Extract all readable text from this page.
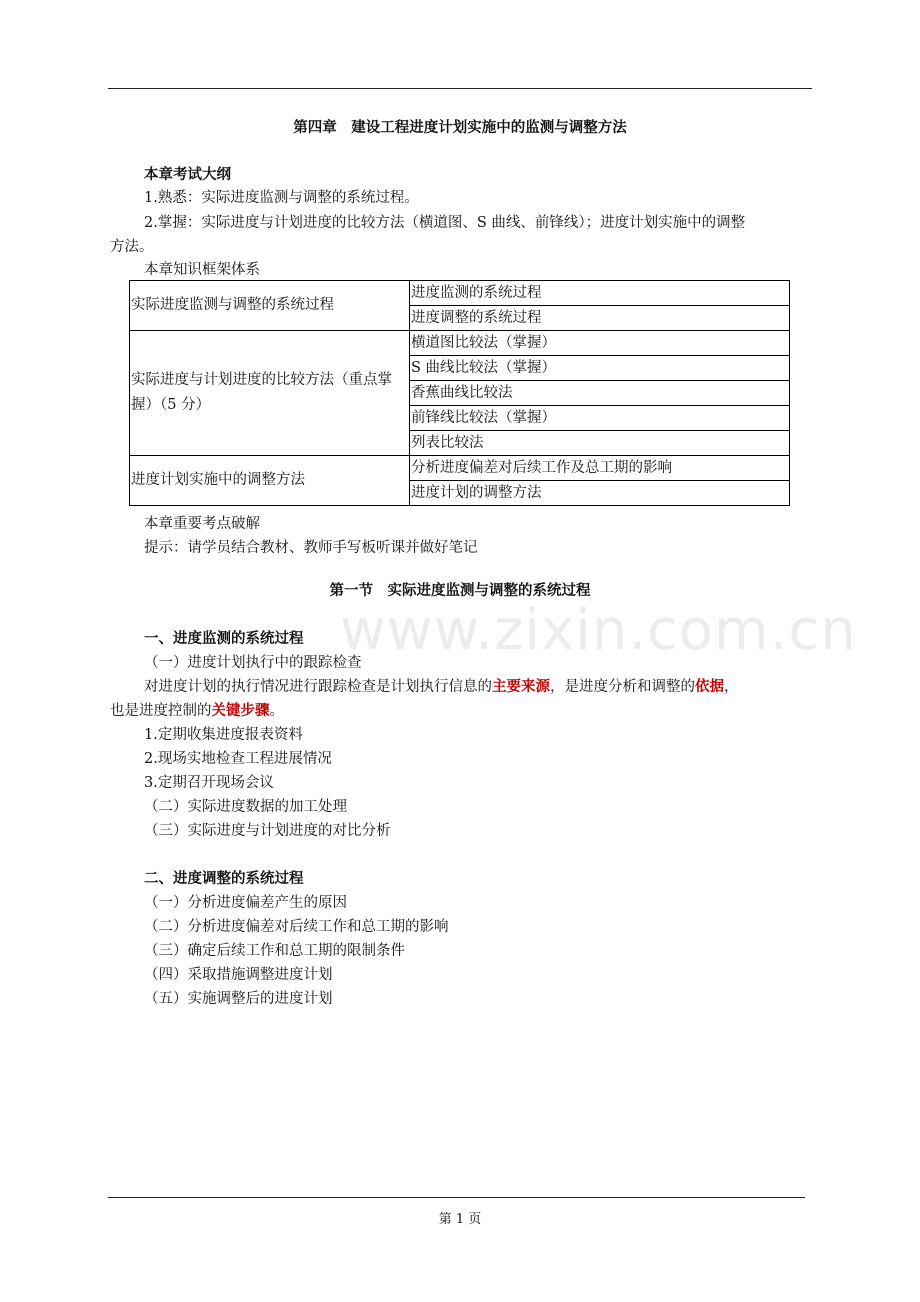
第四章　建设工程进度计划实施中的监测与调整方法
本章考试大纲
1.熟悉：实际进度监测与调整的系统过程。
2.掌握：实际进度与计划进度的比较方法（横道图、S 曲线、前锋线）；进度计划实施中的调整
方法。
本章知识框架体系
实际进度监测与调整的系统过程	进度监测的系统过程
	进度调整的系统过程
实际进度与计划进度的比较方法（重点掌握）（5 分）	横道图比较法（掌握）
	S 曲线比较法（掌握）
	香蕉曲线比较法
	前锋线比较法（掌握）
	列表比较法
进度计划实施中的调整方法	分析进度偏差对后续工作及总工期的影响
	进度计划的调整方法
本章重要考点破解
提示：请学员结合教材、教师手写板听课并做好笔记
第一节　实际进度监测与调整的系统过程
www.zixin.com.cn
一、进度监测的系统过程
（一）进度计划执行中的跟踪检查
对进度计划的执行情况进行跟踪检查是计划执行信息的主要来源，是进度分析和调整的依据，
也是进度控制的关键步骤。
1.定期收集进度报表资料
2.现场实地检查工程进展情况
3.定期召开现场会议
（二）实际进度数据的加工处理
（三）实际进度与计划进度的对比分析
二、进度调整的系统过程
（一）分析进度偏差产生的原因
（二）分析进度偏差对后续工作和总工期的影响
（三）确定后续工作和总工期的限制条件
（四）采取措施调整进度计划
（五）实施调整后的进度计划
第 1 页
